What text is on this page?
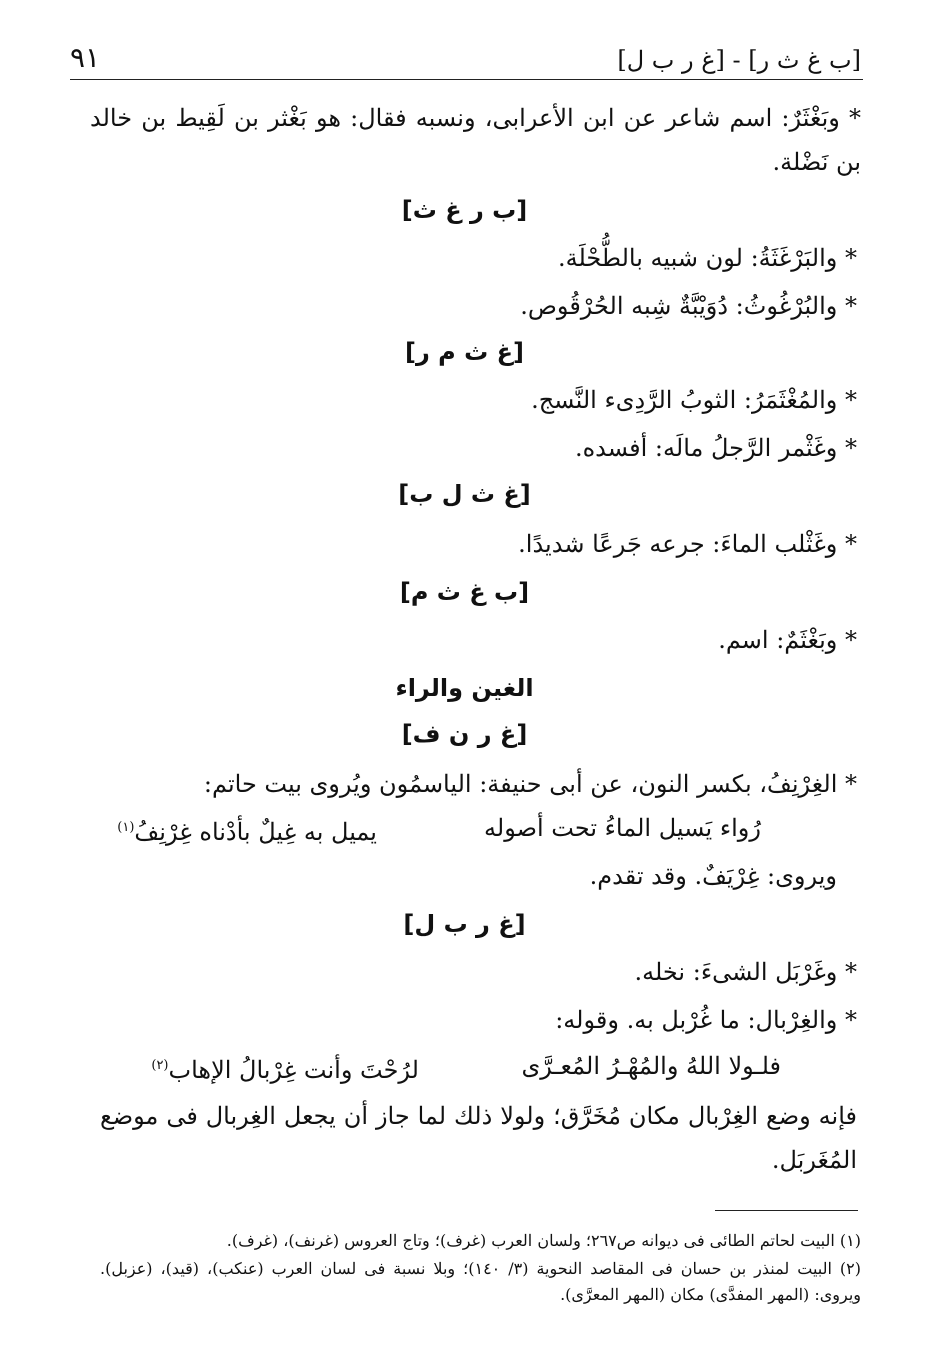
[ب غ ث ر] - [غ ر ب ل]
٩١
* وبَغْثَرٌ: اسم شاعر عن ابن الأعرابى، ونسبه فقال: هو بَغْثر بن لَقِيط بن خالد بن نَضْلة.
[ب ر غ ث]
* والبَرْغَثَةُ: لون شبيه بالطُّحْلَة.
* والبُرْغُوثُ: دُوَيْبَّةٌ شِبه الحُرْقُوص.
[غ ث م ر]
* والمُغْثَمَرُ: الثوبُ الرَّدِىء النَّسج.
* وغَثْمر الرَّجلُ مالَه: أفسده.
[غ ث ل ب]
* وغَثْلب الماءَ: جرعه جَرعًا شديدًا.
[ب غ ث م]
* وبَغْثَمٌ: اسم.
الغين والراء
[غ ر ن ف]
* الغِرْنِفُ، بكسر النون، عن أبى حنيفة: الياسمُون ويُروى بيت حاتم:
رُواء يَسيل الماءُ تحت أصوله
يميل به غِيلٌ بأدْناه غِرْنِفُ$^{(١)}$
ويروى: غِرْيَفٌ. وقد تقدم.
[غ ر ب ل]
* وغَرْبَل الشىءَ: نخله.
* والغِرْبال: ما غُرْبل به. وقوله:
فلـولا اللهُ والمُهْـرُ المُعـرَّى
لرُحْتَ وأنت غِرْبالُ الإهاب$^{(٢)}$
فإنه وضع الغِرْبال مكان مُخَرَّق؛ ولولا ذلك لما جاز أن يجعل الغِربال فى موضع المُغَربَل.
(١) البيت لحاتم الطائى فى ديوانه ص٢٦٧؛ ولسان العرب (غرف)؛ وتاج العروس (غرنف)، (غرف).
(٢) البيت لمنذر بن حسان فى المقاصد النحوية (٣/ ١٤٠)؛ وبلا نسبة فى لسان العرب (عنكب)، (قيد)، (عزبل). ويروى: (المهر المفدَّى) مكان (المهر المعرَّى).
